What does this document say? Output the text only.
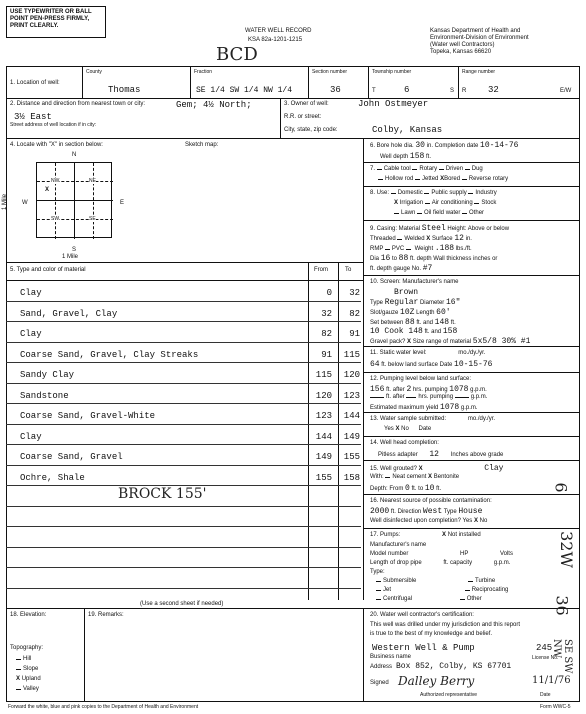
USE TYPEWRITER OR BALL POINT PEN-PRESS FIRMLY, PRINT CLEARLY.
WATER WELL RECORD
KSA 82a-1201-1215
BCD
Kansas Department of Health and
Environment-Division of Environment
(Water well Contractors)
Topeka, Kansas 66620
1. Location of well:
County
Thomas
Fraction
SE 1/4 SW 1/4 NW 1/4
Section number
36
Township number
T	6	S
Range number
R 32	E/W
2. Distance and direction from nearest town or city:	Gem; 4½ North;
3½ East
Street address of well location if in city:
3. Owner of well:	John Ostmeyer
R.R. or street:
City, state, zip code:	Colby, Kansas
4. Locate with "X" in section below:	Sketch map:
N
S
W	E
1 Mile
1 Mile
NW	NE
SW	SE
X
6. Bore hole dia. 30 in. Completion date 10-14-76
Well depth 158 ft.
7. Cable tool Rotary Driven Dug
Hollow rod Jetted XBored Reverse rotary
8. Use: Domestic Public supply Industry
X Irrigation Air conditioning Stock
Lawn Oil field water Other
9. Casing: Material Steel Height: Above or below
Threaded Welded X Surface 12 in.
RMP PVC Weight .188 lbs./ft.
Dia 16 to 88 ft. depth Wall thickness inches or
ft. depth gauge No. #7
5. Type and color of material	From	To
Clay	0	32
Sand, Gravel, Clay	32	82
Clay	82	91
Coarse Sand, Gravel, Clay Streaks	91	115
Sandy Clay	115	120
Sandstone	120	123
Coarse Sand, Gravel-White	123	144
Clay	144	149
Coarse Sand, Gravel	149	155
Ochre, Shale	155	158
BROCK 155'
(Use a second sheet if needed)
10. Screen: Manufacturer's name
Brown
Type Regular Diameter 16"
Slot/gauze 10Z Length 60'
Set between 88 ft. and 148 ft.
10 Cook 148 ft. and 158
Gravel pack? X Size range of material 5x5/8 30% #1
11. Static water level:	mo./dy./yr.
64 ft. below land surface Date 10-15-76
12. Pumping level below land surface:
156 ft. after 2 hrs. pumping 1078 g.p.m.
ft. after hrs. pumping	g.p.m.
Estimated maximum yield 1078 g.p.m.
13. Water sample submitted:	mo./dy./yr.
Yes X No Date
14. Well head completion:
Pitless adapter 12 Inches above grade
15. Well grouted? X	Clay
With: Neat cement X Bentonite
Depth: From 0 ft. to 10 ft.
16. Nearest source of possible contamination:
2000 ft. Direction West Type House
Well disinfected upon completion? Yes X No
17. Pumps:	X Not installed
Manufacturer's name
Model number	HP	Volts
Length of drop pipe	ft. capacity	g.p.m.
Type:
Submersible	Turbine
Jet	Reciprocating
Centrifugal	Other
18. Elevation:
Topography:
Hill
Slope
X Upland
Valley
19. Remarks:	20. Water well contractor's certification:
This well was drilled under my jurisdiction and this report
is true to the best of my knowledge and belief.
Western Well & Pump	245
Business name	License No.
Address Box 852, Colby, KS 67701
Signed Dalley Berry	11/1/76
Authorized representative	Date
Forward the white, blue and pink copies to the Department of Health and Environment	Form WWC-5
6
32W
36
SE SW NW
